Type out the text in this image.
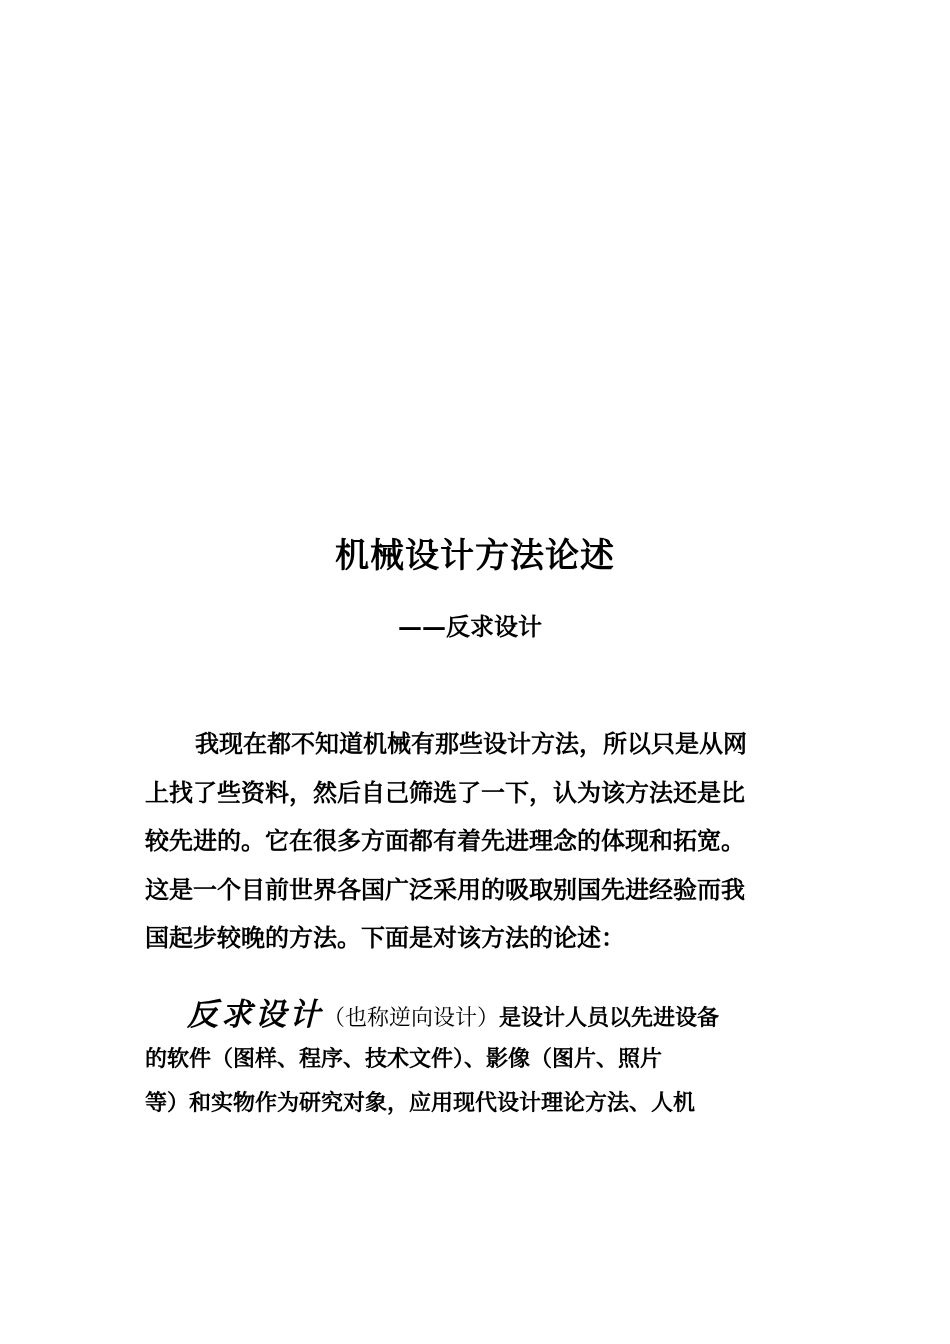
机械设计方法论述
——反求设计
我现在都不知道机械有那些设计方法，所以只是从网
上找了些资料，然后自己筛选了一下，认为该方法还是比
较先进的。它在很多方面都有着先进理念的体现和拓宽。
这是一个目前世界各国广泛采用的吸取别国先进经验而我
国起步较晚的方法。下面是对该方法的论述：
反求设计（也称逆向设计）是设计人员以先进设备
的软件（图样、程序、技术文件）、影像（图片、照片
等）和实物作为研究对象，应用现代设计理论方法、人机
